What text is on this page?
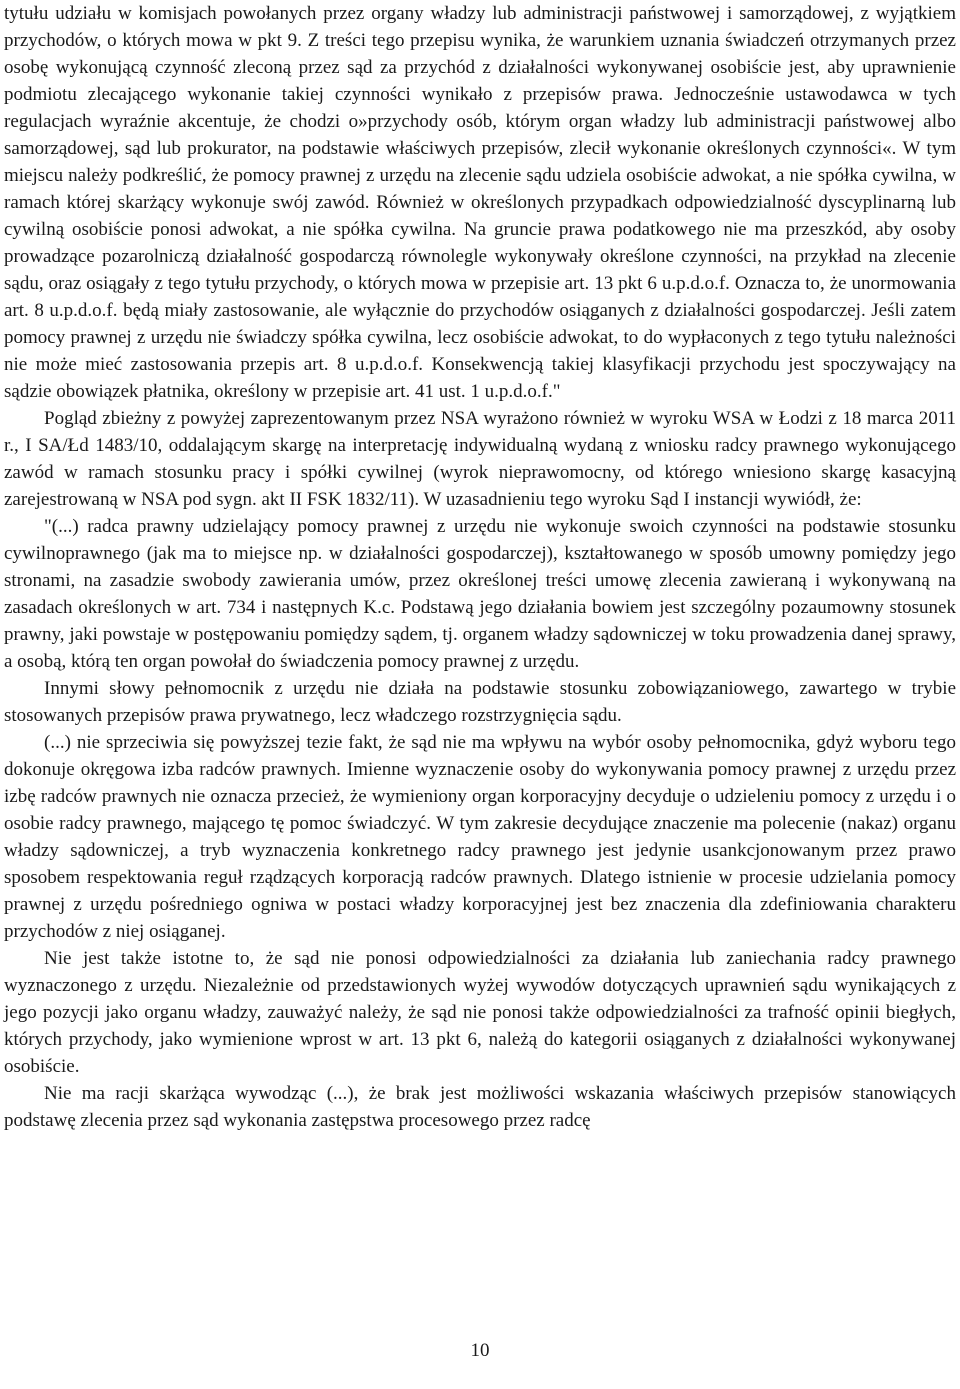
tytułu udziału w komisjach powołanych przez organy władzy lub administracji państwowej i samorządowej, z wyjątkiem przychodów, o których mowa w pkt 9. Z treści tego przepisu wynika, że warunkiem uznania świadczeń otrzymanych przez osobę wykonującą czynność zleconą przez sąd za przychód z działalności wykonywanej osobiście jest, aby uprawnienie podmiotu zlecającego wykonanie takiej czynności wynikało z przepisów prawa. Jednocześnie ustawodawca w tych regulacjach wyraźnie akcentuje, że chodzi o»przychody osób, którym organ władzy lub administracji państwowej albo samorządowej, sąd lub prokurator, na podstawie właściwych przepisów, zlecił wykonanie określonych czynności«. W tym miejscu należy podkreślić, że pomocy prawnej z urzędu na zlecenie sądu udziela osobiście adwokat, a nie spółka cywilna, w ramach której skarżący wykonuje swój zawód. Również w określonych przypadkach odpowiedzialność dyscyplinarną lub cywilną osobiście ponosi adwokat, a nie spółka cywilna. Na gruncie prawa podatkowego nie ma przeszkód, aby osoby prowadzące pozarolniczą działalność gospodarczą równolegle wykonywały określone czynności, na przykład na zlecenie sądu, oraz osiągały z tego tytułu przychody, o których mowa w przepisie art. 13 pkt 6 u.p.d.o.f. Oznacza to, że unormowania art. 8 u.p.d.o.f. będą miały zastosowanie, ale wyłącznie do przychodów osiąganych z działalności gospodarczej. Jeśli zatem pomocy prawnej z urzędu nie świadczy spółka cywilna, lecz osobiście adwokat, to do wypłaconych z tego tytułu należności nie może mieć zastosowania przepis art. 8 u.p.d.o.f. Konsekwencją takiej klasyfikacji przychodu jest spoczywający na sądzie obowiązek płatnika, określony w przepisie art. 41 ust. 1 u.p.d.o.f."

Pogląd zbieżny z powyżej zaprezentowanym przez NSA wyrażono również w wyroku WSA w Łodzi z 18 marca 2011 r., I SA/Łd 1483/10, oddalającym skargę na interpretację indywidualną wydaną z wniosku radcy prawnego wykonującego zawód w ramach stosunku pracy i spółki cywilnej (wyrok nieprawomocny, od którego wniesiono skargę kasacyjną zarejestrowaną w NSA pod sygn. akt II FSK 1832/11). W uzasadnieniu tego wyroku Sąd I instancji wywiódł, że:

"(...) radca prawny udzielający pomocy prawnej z urzędu nie wykonuje swoich czynności na podstawie stosunku cywilnoprawnego (jak ma to miejsce np. w działalności gospodarczej), kształtowanego w sposób umowny pomiędzy jego stronami, na zasadzie swobody zawierania umów, przez określonej treści umowę zlecenia zawieraną i wykonywaną na zasadach określonych w art. 734 i następnych K.c. Podstawą jego działania bowiem jest szczególny pozaumowny stosunek prawny, jaki powstaje w postępowaniu pomiędzy sądem, tj. organem władzy sądowniczej w toku prowadzenia danej sprawy, a osobą, którą ten organ powołał do świadczenia pomocy prawnej z urzędu.

Innymi słowy pełnomocnik z urzędu nie działa na podstawie stosunku zobowiązaniowego, zawartego w trybie stosowanych przepisów prawa prywatnego, lecz władczego rozstrzygnięcia sądu.

(...) nie sprzeciwia się powyższej tezie fakt, że sąd nie ma wpływu na wybór osoby pełnomocnika, gdyż wyboru tego dokonuje okręgowa izba radców prawnych. Imienne wyznaczenie osoby do wykonywania pomocy prawnej z urzędu przez izbę radców prawnych nie oznacza przecież, że wymieniony organ korporacyjny decyduje o udzieleniu pomocy z urzędu i o osobie radcy prawnego, mającego tę pomoc świadczyć. W tym zakresie decydujące znaczenie ma polecenie (nakaz) organu władzy sądowniczej, a tryb wyznaczenia konkretnego radcy prawnego jest jedynie usankcjonowanym przez prawo sposobem respektowania reguł rządzących korporacją radców prawnych. Dlatego istnienie w procesie udzielania pomocy prawnej z urzędu pośredniego ogniwa w postaci władzy korporacyjnej jest bez znaczenia dla zdefiniowania charakteru przychodów z niej osiąganej.

Nie jest także istotne to, że sąd nie ponosi odpowiedzialności za działania lub zaniechania radcy prawnego wyznaczonego z urzędu. Niezależnie od przedstawionych wyżej wywodów dotyczących uprawnień sądu wynikających z jego pozycji jako organu władzy, zauważyć należy, że sąd nie ponosi także odpowiedzialności za trafność opinii biegłych, których przychody, jako wymienione wprost w art. 13 pkt 6, należą do kategorii osiąganych z działalności wykonywanej osobiście.

Nie ma racji skarżąca wywodząc (...), że brak jest możliwości wskazania właściwych przepisów stanowiących podstawę zlecenia przez sąd wykonania zastępstwa procesowego przez radcę

10
